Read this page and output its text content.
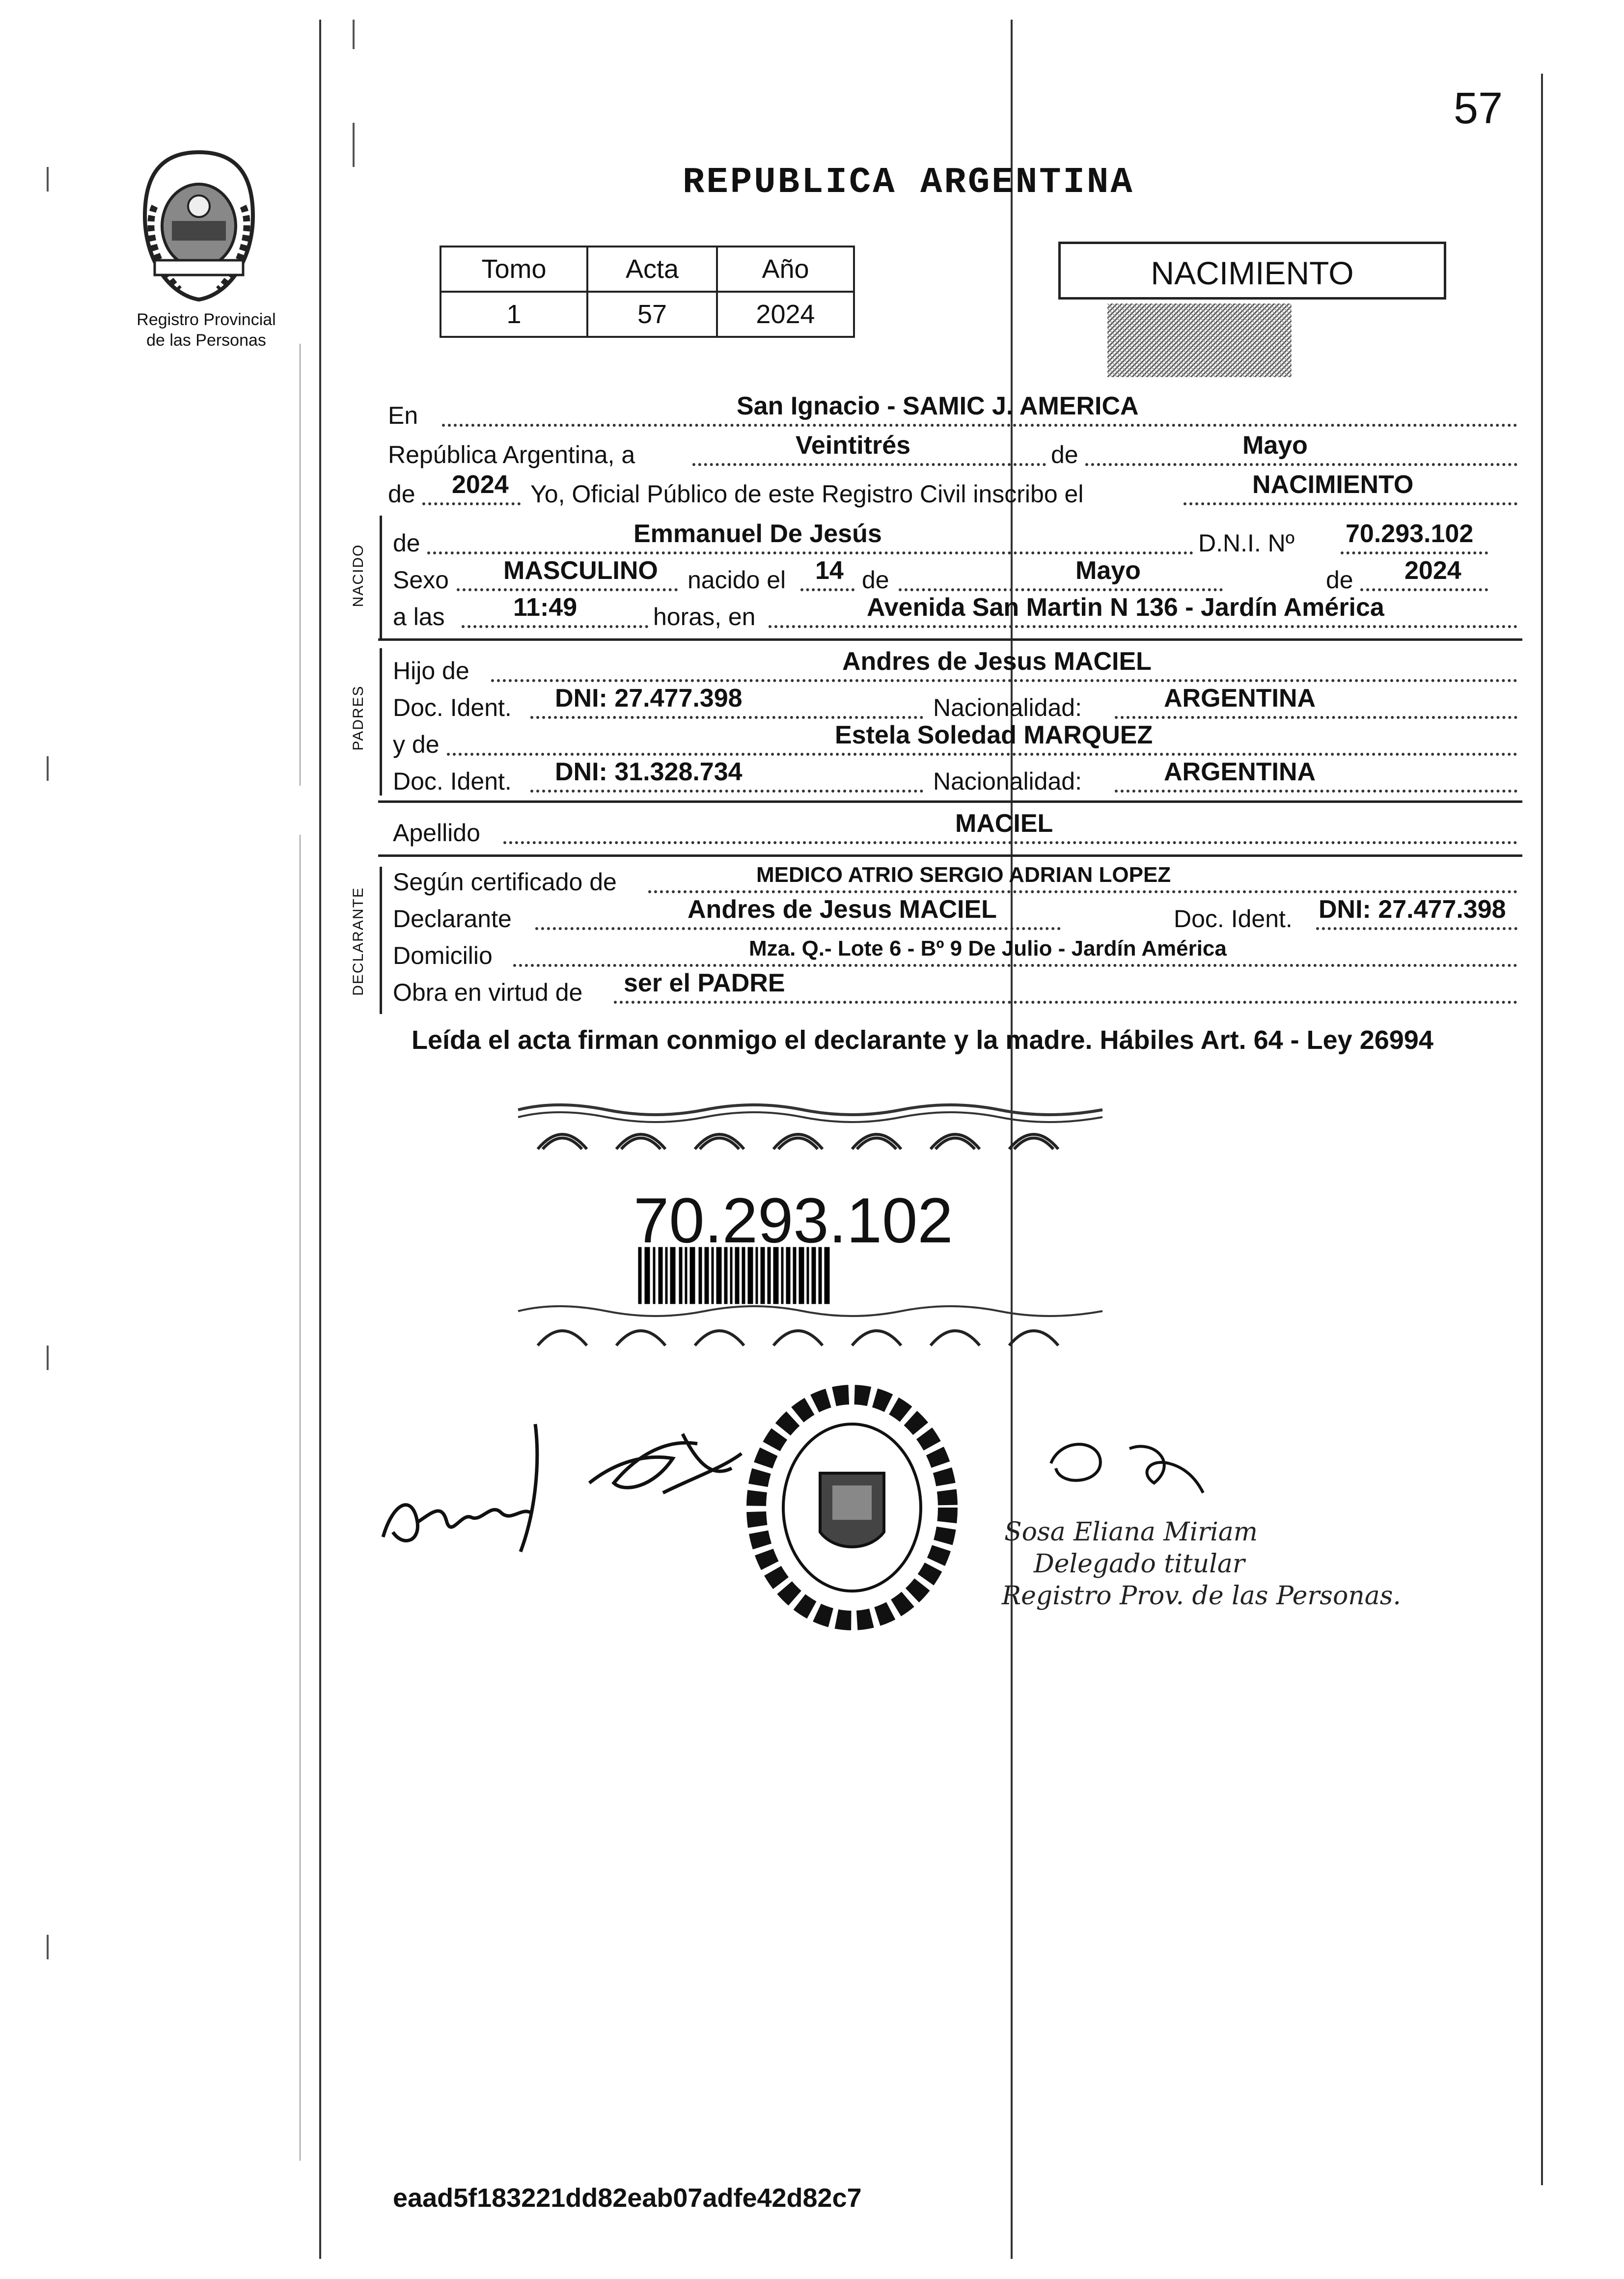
57
REPUBLICA ARGENTINA
Registro Provincial
de las Personas
Tomo	Acta	Año
1	57	2024
NACIMIENTO
En	San Ignacio - SAMIC J. AMERICA
República Argentina, a	Veintitrés	de	Mayo
de 2024 Yo, Oficial Público de este Registro Civil inscribo el	NACIMIENTO
NACIDO
de	Emmanuel De Jesús	D.N.I. Nº 70.293.102
Sexo MASCULINO nacido el 14 de	Mayo	de 2024
a las	11:49	horas, en	Avenida San Martin N 136 - Jardín América
PADRES
Hijo de	Andres de Jesus MACIEL
Doc. Ident. DNI: 27.477.398	Nacionalidad:	ARGENTINA
y de	Estela Soledad MARQUEZ
Doc. Ident. DNI: 31.328.734	Nacionalidad:	ARGENTINA
Apellido	MACIEL
DECLARANTE
Según certificado de	MEDICO ATRIO SERGIO ADRIAN LOPEZ
Declarante	Andres de Jesus MACIEL	Doc. Ident. DNI: 27.477.398
Domicilio	Mza. Q.- Lote 6 - Bº 9 De Julio - Jardín América
Obra en virtud de ser el PADRE
Leída el acta firman conmigo el declarante y la madre. Hábiles Art. 64 - Ley 26994
70.293.102
Sosa Eliana Miriam
Delegado titular
Registro Prov. de las Personas.
eaad5f183221dd82eab07adfe42d82c7
